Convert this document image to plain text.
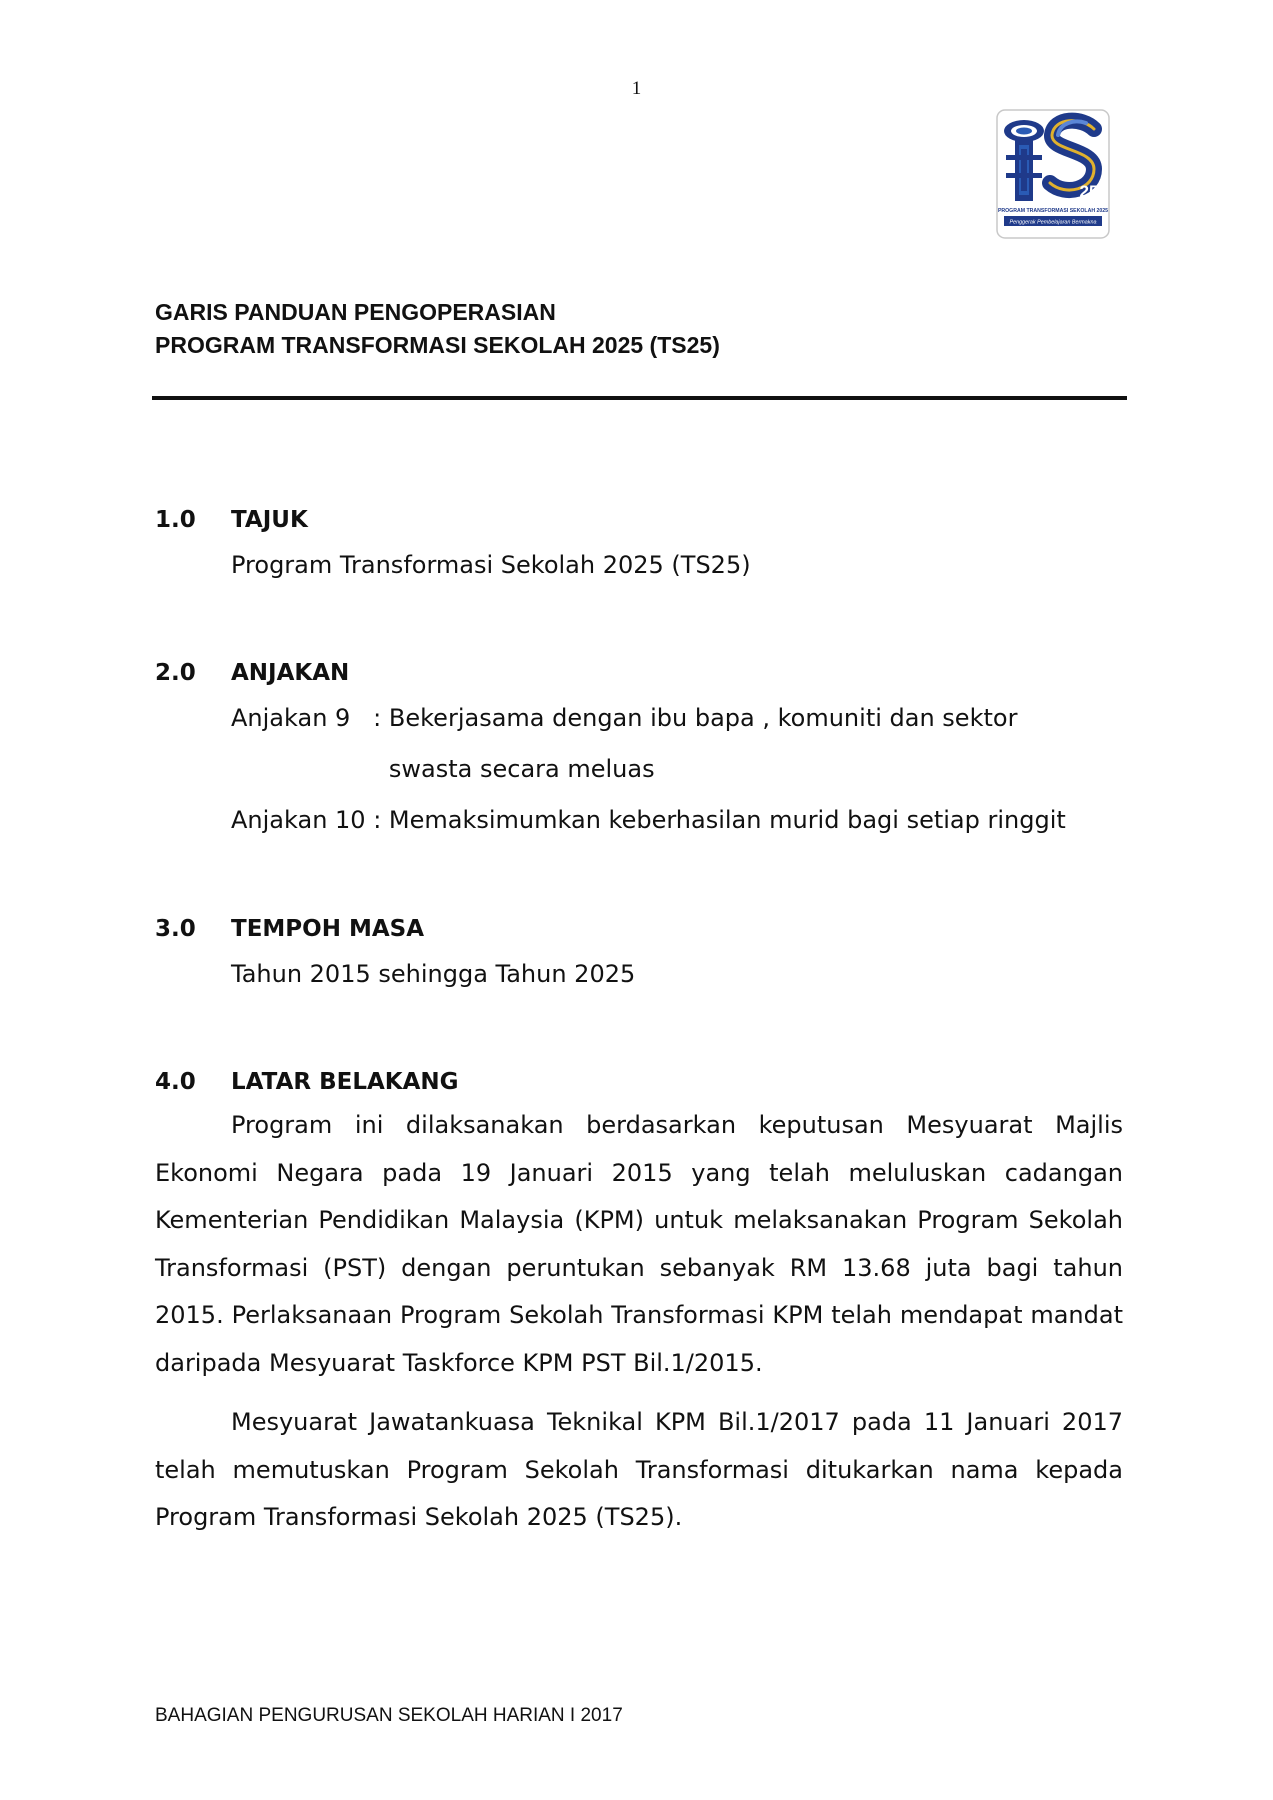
1
25
PROGRAM TRANSFORMASI SEKOLAH 2025
Penggerak Pembelajaran Bermakna
GARIS PANDUAN PENGOPERASIAN
PROGRAM TRANSFORMASI SEKOLAH 2025 (TS25)
1.0 TAJUK
Program Transformasi Sekolah 2025 (TS25)
2.0 ANJAKAN
Anjakan 9   : Bekerjasama dengan ibu bapa , komuniti dan sektor swasta secara meluas
Anjakan 10 : Memaksimumkan keberhasilan murid bagi setiap ringgit
3.0 TEMPOH MASA
Tahun 2015 sehingga Tahun 2025
4.0 LATAR BELAKANG

Program ini dilaksanakan berdasarkan keputusan Mesyuarat Majlis Ekonomi Negara pada 19 Januari 2015 yang telah meluluskan cadangan Kementerian Pendidikan Malaysia (KPM) untuk melaksanakan Program Sekolah Transformasi (PST) dengan peruntukan sebanyak RM 13.68 juta bagi tahun 2015. Perlaksanaan Program Sekolah Transformasi KPM telah mendapat mandat daripada Mesyuarat Taskforce KPM PST Bil.1/2015.

Mesyuarat Jawatankuasa Teknikal KPM Bil.1/2017 pada 11 Januari 2017 telah memutuskan Program Sekolah Transformasi ditukarkan nama kepada Program Transformasi Sekolah 2025 (TS25).

BAHAGIAN PENGURUSAN SEKOLAH HARIAN I 2017
